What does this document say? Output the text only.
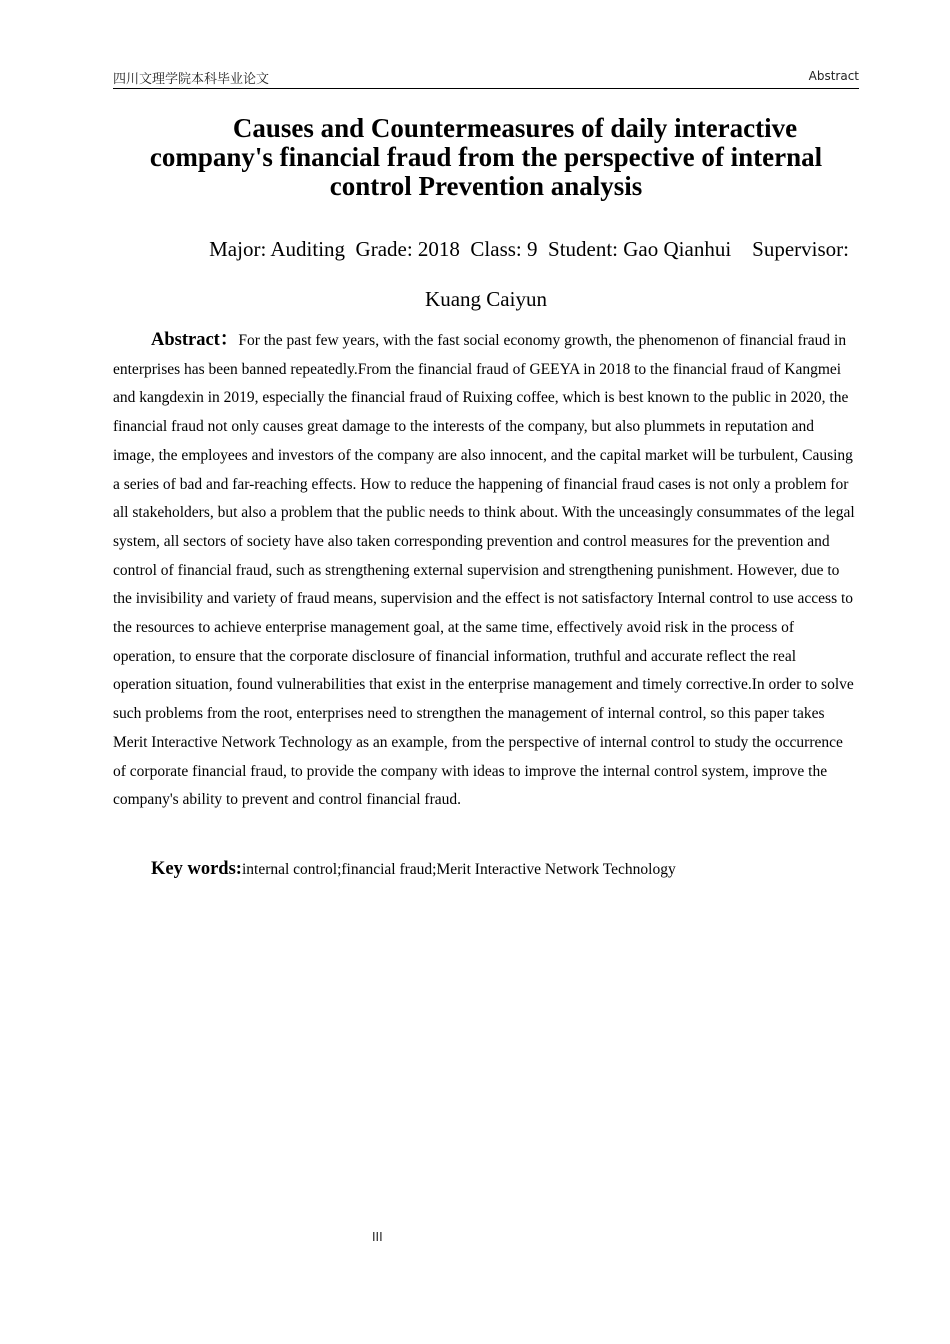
四川文理学院本科毕业论文	Abstract
Causes and Countermeasures of daily interactive
company's financial fraud from the perspective of internal
control Prevention analysis
Major: Auditing  Grade: 2018  Class: 9  Student: Gao Qianhui    Supervisor:
Kuang Caiyun

Abstract：For the past few years, with the fast social economy growth, the phenomenon of financial fraud in enterprises has been banned repeatedly.From the financial fraud of GEEYA in 2018 to the financial fraud of Kangmei and kangdexin in 2019, especially the financial fraud of Ruixing coffee, which is best known to the public in 2020, the financial fraud not only causes great damage to the interests of the company, but also plummets in reputation and image, the employees and investors of the company are also innocent, and the capital market will be turbulent, Causing a series of bad and far-reaching effects. How to reduce the happening of financial fraud cases is not only a problem for all stakeholders, but also a problem that the public needs to think about. With the unceasingly consummates of the legal system, all sectors of society have also taken corresponding prevention and control measures for the prevention and control of financial fraud, such as strengthening external supervision and strengthening punishment. However, due to the invisibility and variety of fraud means, supervision and the effect is not satisfactory Internal control to use access to the resources to achieve enterprise management goal, at the same time, effectively avoid risk in the process of operation, to ensure that the corporate disclosure of financial information, truthful and accurate reflect the real operation situation, found vulnerabilities that exist in the enterprise management and timely corrective.In order to solve such problems from the root, enterprises need to strengthen the management of internal control, so this paper takes Merit Interactive Network Technology as an example, from the perspective of internal control to study the occurrence of corporate financial fraud, to provide the company with ideas to improve the internal control system, improve the company's ability to prevent and control financial fraud.

Key words:internal control;financial fraud;Merit Interactive Network Technology

III
